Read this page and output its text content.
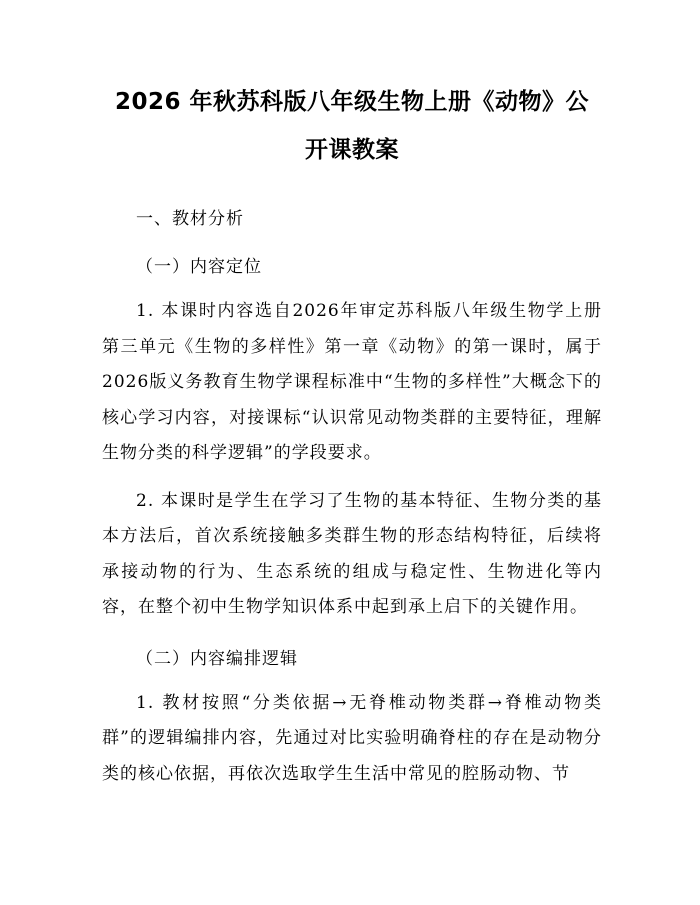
2026 年秋苏科版八年级生物上册《动物》公
开课教案

一、教材分析

（一）内容定位

1. 本课时内容选自2026年审定苏科版八年级生物学上册第三单元《生物的多样性》第一章《动物》的第一课时，属于2026版义务教育生物学课程标准中“生物的多样性”大概念下的核心学习内容，对接课标“认识常见动物类群的主要特征，理解生物分类的科学逻辑”的学段要求。

2. 本课时是学生在学习了生物的基本特征、生物分类的基本方法后，首次系统接触多类群生物的形态结构特征，后续将承接动物的行为、生态系统的组成与稳定性、生物进化等内容，在整个初中生物学知识体系中起到承上启下的关键作用。

（二）内容编排逻辑

1. 教材按照“分类依据→无脊椎动物类群→脊椎动物类群”的逻辑编排内容，先通过对比实验明确脊柱的存在是动物分类的核心依据，再依次选取学生生活中常见的腔肠动物、节
